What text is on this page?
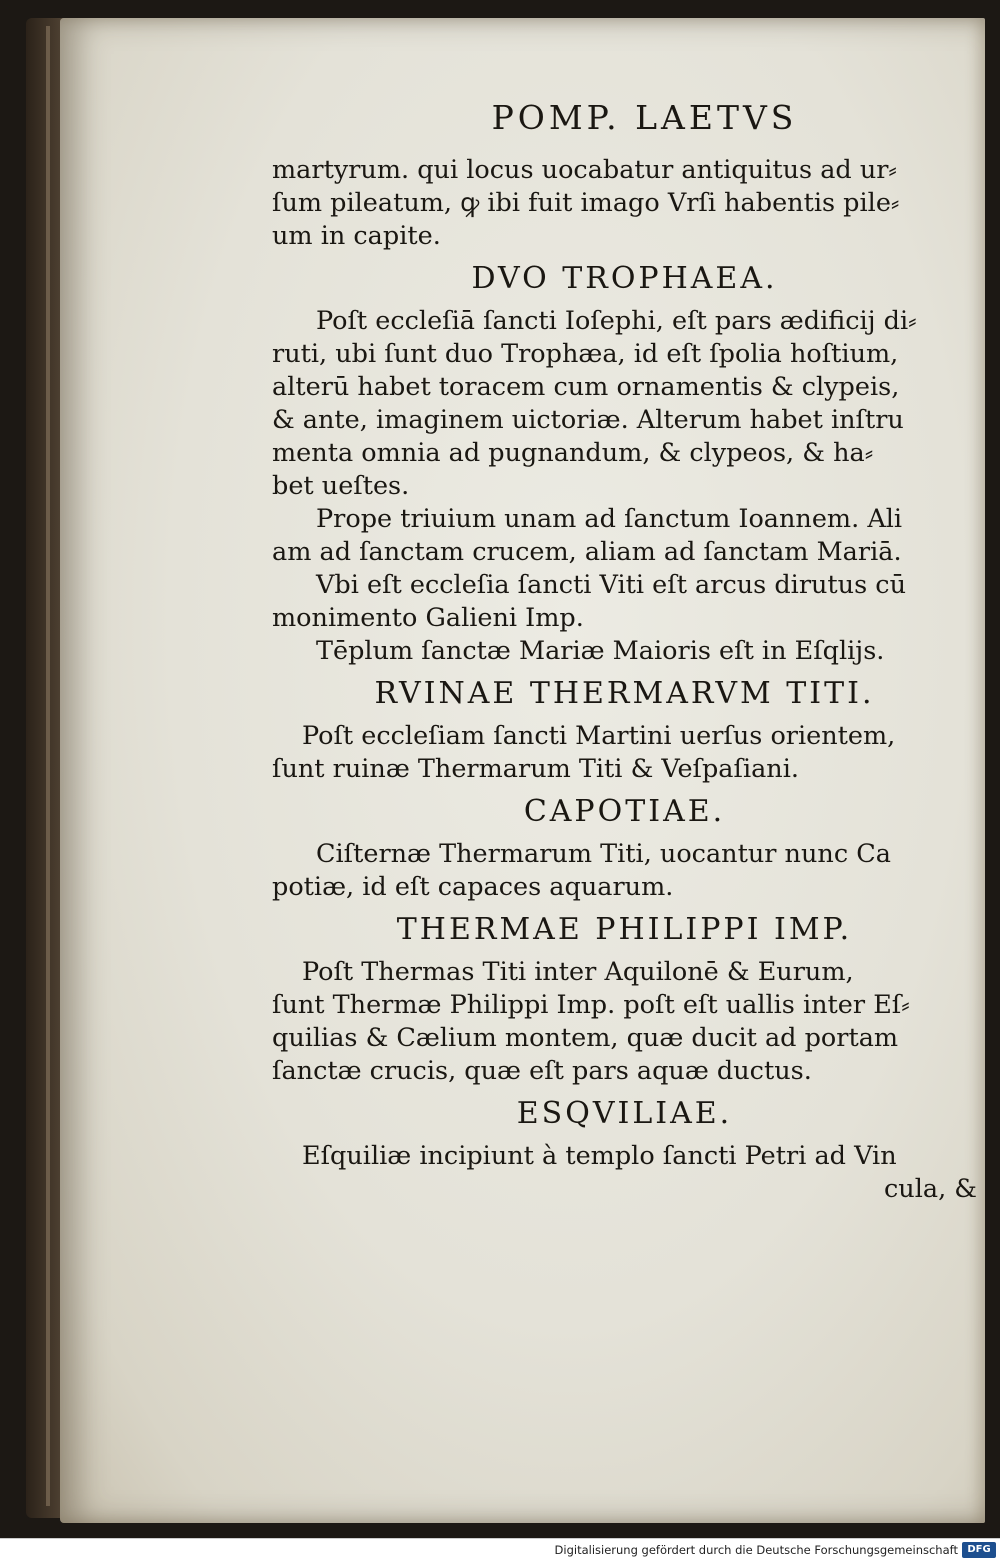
POMP. LAETVS
martyrum. qui locus uocabatur antiquitus ad ur⸗
ſum pileatum, ꝙ ibi fuit imago Vrſi habentis pile⸗
um in capite.
DVO TROPHAEA.
Poſt eccleſiā ſancti Ioſephi, eſt pars ædificij di⸗
ruti, ubi ſunt duo Trophæa, id eſt ſpolia hoſtium,
alterū habet toracem cum ornamentis & clypeis,
& ante, imaginem uictoriæ. Alterum habet inſtru
menta omnia ad pugnandum, & clypeos, & ha⸗
bet ueſtes.
Prope triuium unam ad ſanctum Ioannem. Ali
am ad ſanctam crucem, aliam ad ſanctam Mariā.
Vbi eſt eccleſia ſancti Viti eſt arcus dirutus cū
monimento Galieni Imp.
Tēplum ſanctæ Mariæ Maioris eſt in Eſqlijs.
RVINAE THERMARVM TITI.
Poſt eccleſiam ſancti Martini uerſus orientem,
ſunt ruinæ Thermarum Titi & Veſpaſiani.
CAPOTIAE.
Ciſternæ Thermarum Titi, uocantur nunc Ca
potiæ, id eſt capaces aquarum.
THERMAE PHILIPPI IMP.
Poſt Thermas Titi inter Aquilonē & Eurum,
ſunt Thermæ Philippi Imp. poſt eſt uallis inter Eſ⸗
quilias & Cælium montem, quæ ducit ad portam
ſanctæ crucis, quæ eſt pars aquæ ductus.
ESQVILIAE.
Eſquiliæ incipiunt à templo ſancti Petri ad Vin
cula, &
Digitalisierung gefördert durch die Deutsche Forschungsgemeinschaft DFG
